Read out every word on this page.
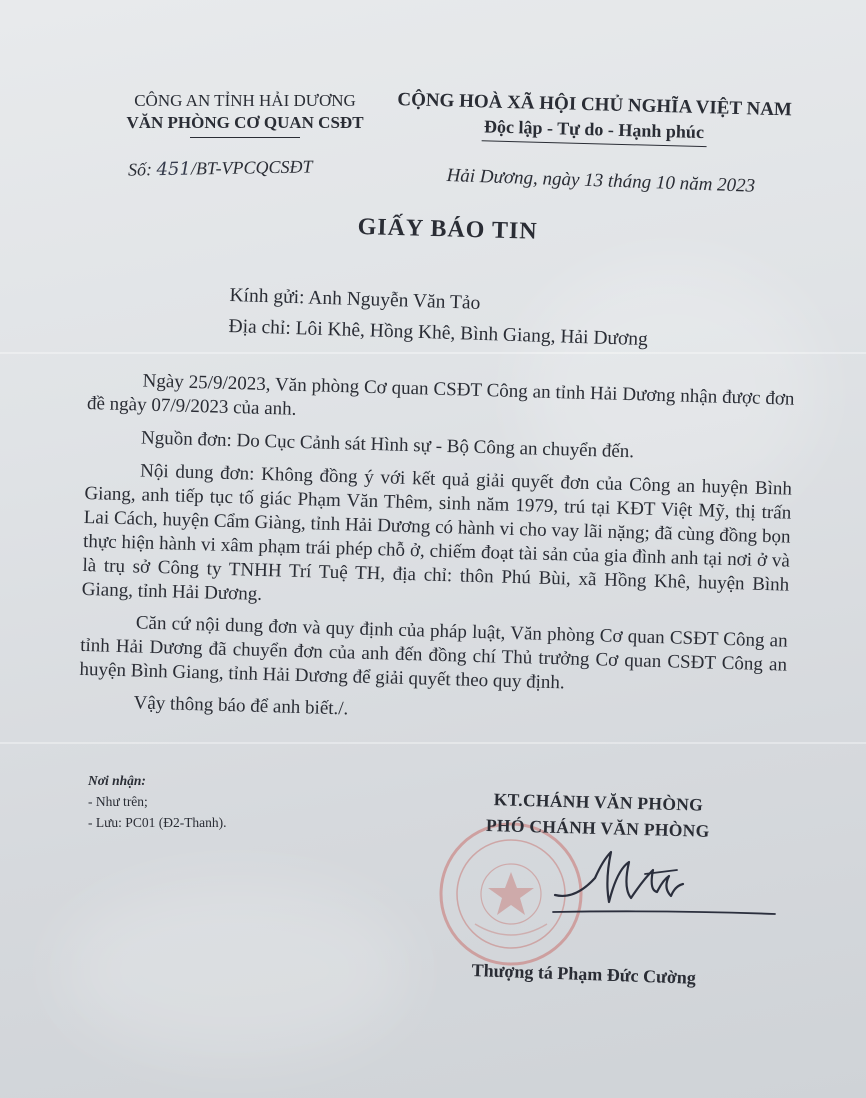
CÔNG AN TỈNH HẢI DƯƠNG
VĂN PHÒNG CƠ QUAN CSĐT
CỘNG HOÀ XÃ HỘI CHỦ NGHĨA VIỆT NAM
Độc lập - Tự do - Hạnh phúc
Số: 451/BT-VPCQCSĐT	Hải Dương, ngày 13 tháng 10 năm 2023
GIẤY BÁO TIN
Kính gửi: Anh Nguyễn Văn Tảo
Địa chỉ: Lôi Khê, Hồng Khê, Bình Giang, Hải Dương

Ngày 25/9/2023, Văn phòng Cơ quan CSĐT Công an tỉnh Hải Dương nhận được đơn đề ngày 07/9/2023 của anh.

Nguồn đơn: Do Cục Cảnh sát Hình sự - Bộ Công an chuyển đến.

Nội dung đơn: Không đồng ý với kết quả giải quyết đơn của Công an huyện Bình Giang, anh tiếp tục tố giác Phạm Văn Thêm, sinh năm 1979, trú tại KĐT Việt Mỹ, thị trấn Lai Cách, huyện Cẩm Giàng, tỉnh Hải Dương có hành vi cho vay lãi nặng; đã cùng đồng bọn thực hiện hành vi xâm phạm trái phép chỗ ở, chiếm đoạt tài sản của gia đình anh tại nơi ở và là trụ sở Công ty TNHH Trí Tuệ TH, địa chỉ: thôn Phú Bùi, xã Hồng Khê, huyện Bình Giang, tỉnh Hải Dương.

Căn cứ nội dung đơn và quy định của pháp luật, Văn phòng Cơ quan CSĐT Công an tỉnh Hải Dương đã chuyển đơn của anh đến đồng chí Thủ trưởng Cơ quan CSĐT Công an huyện Bình Giang, tỉnh Hải Dương để giải quyết theo quy định.

Vậy thông báo để anh biết./.

Nơi nhận:
- Như trên;
- Lưu: PC01 (Đ2-Thanh).
KT.CHÁNH VĂN PHÒNG
PHÓ CHÁNH VĂN PHÒNG
Thượng tá Phạm Đức Cường
